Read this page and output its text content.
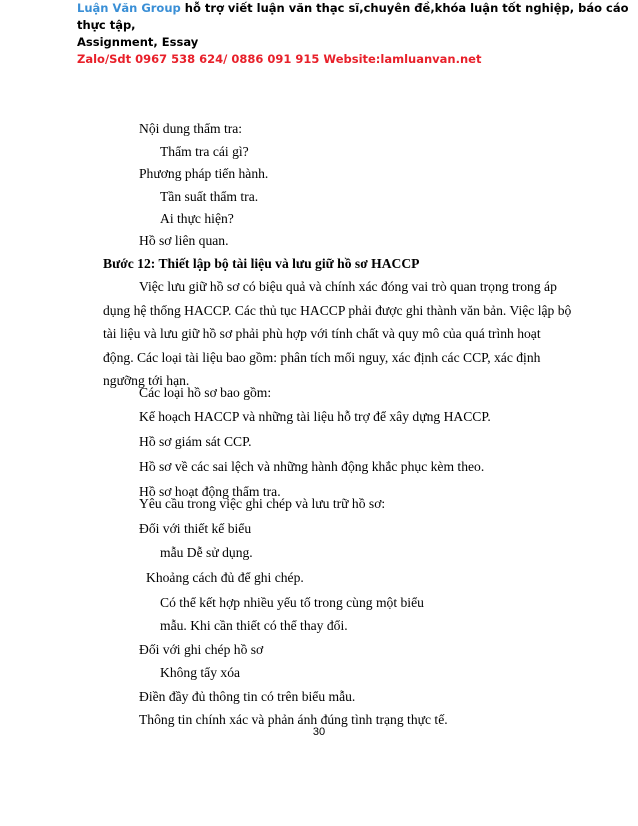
Luận Văn Group hỗ trợ viết luận văn thạc sĩ,chuyên đề,khóa luận tốt nghiệp, báo cáo thực tập,
Assignment, Essay
Zalo/Sdt 0967 538 624/ 0886 091 915 Website:lamluanvan.net
Nội dung thẩm tra:
Thẩm tra cái gì?
Phương pháp tiến hành.
Tần suất thẩm tra.
Ai thực hiện?
Hồ sơ liên quan.
Bước 12: Thiết lập bộ tài liệu và lưu giữ hồ sơ HACCP
Việc lưu giữ hồ sơ có biệu quả và chính xác đóng vai trò quan trọng trong áp
dụng hệ thống HACCP. Các thủ tục HACCP phải được ghi thành văn bản. Việc lập bộ
tài liệu và lưu giữ hồ sơ phải phù hợp với tính chất và quy mô của quá trình hoạt
động. Các loại tài liệu bao gồm: phân tích mối nguy, xác định các CCP, xác định
ngưỡng tới hạn.
Các loại hồ sơ bao gồm:
Kế hoạch HACCP và những tài liệu hỗ trợ để xây dựng HACCP.
Hồ sơ giám sát CCP.
Hồ sơ về các sai lệch và những hành động khắc phục kèm theo.
Hồ sơ hoạt động thẩm tra.
Yêu cầu trong việc ghi chép và lưu trữ hồ sơ:
Đối với thiết kế biểu
mẫu Dễ sử dụng.
Khoảng cách đủ để ghi chép.
Có thể kết hợp nhiều yếu tố trong cùng một biểu
mẫu. Khi cần thiết có thể thay đổi.
Đối với ghi chép hồ sơ
Không tẩy xóa
Điền đầy đủ thông tin có trên biểu mẫu.
Thông tin chính xác và phản ánh đúng tình trạng thực tế.
30
